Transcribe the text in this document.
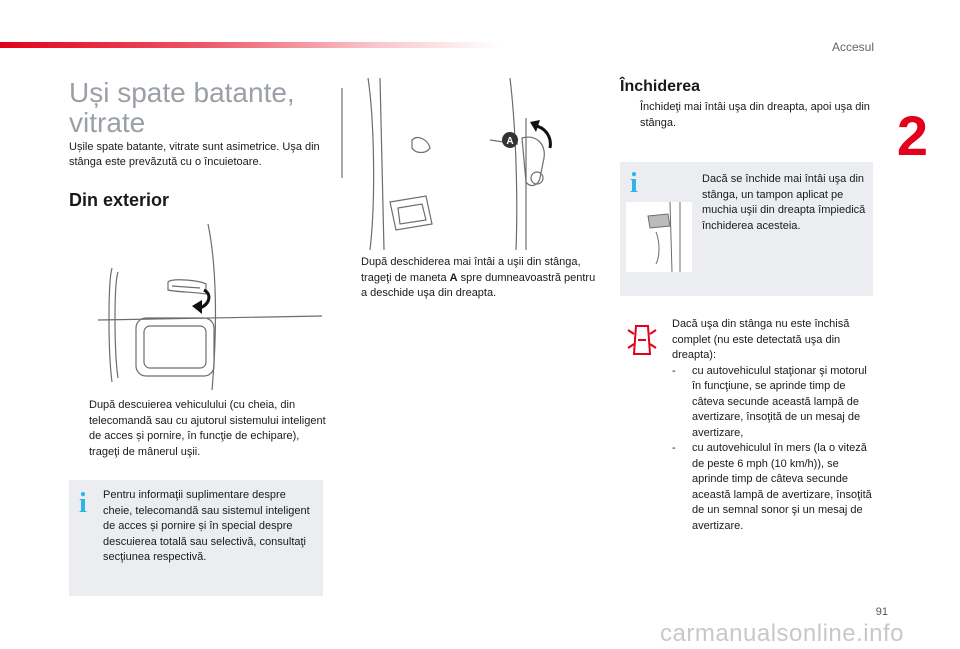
Accesul
2
Uși spate batante, vitrate
Ușile spate batante, vitrate sunt asimetrice. Uşa din stânga este prevăzută cu o încuietoare.
Din exterior
După descuierea vehiculului (cu cheia, din telecomandă sau cu ajutorul sistemului inteligent de acces și pornire, în funcţie de echipare), trageţi de mânerul uşii.
i Pentru informaţii suplimentare despre cheie, telecomandă sau sistemul inteligent de acces și pornire și în special despre descuierea totală sau selectivă, consultaţi secţiunea respectivă.
A
După deschiderea mai întâi a uşii din stânga, trageţi de maneta A spre dumneavoastră pentru a deschide uşa din dreapta.
Închiderea
Închideţi mai întâi uşa din dreapta, apoi uşa din stânga.
i	Dacă se închide mai întâi uşa din stânga, un tampon aplicat pe muchia uşii din dreapta împiedică închiderea acesteia.
Dacă uşa din stânga nu este închisă complet (nu este detectată uşa din dreapta):
- cu autovehiculul staţionar şi motorul în funcţiune, se aprinde timp de câteva secunde această lampă de avertizare, însoţită de un mesaj de avertizare,
- cu autovehiculul în mers (la o viteză de peste 6 mph (10 km/h)), se aprinde timp de câteva secunde această lampă de avertizare, însoţită de un semnal sonor şi un mesaj de avertizare.
91
carmanualsonline.info
